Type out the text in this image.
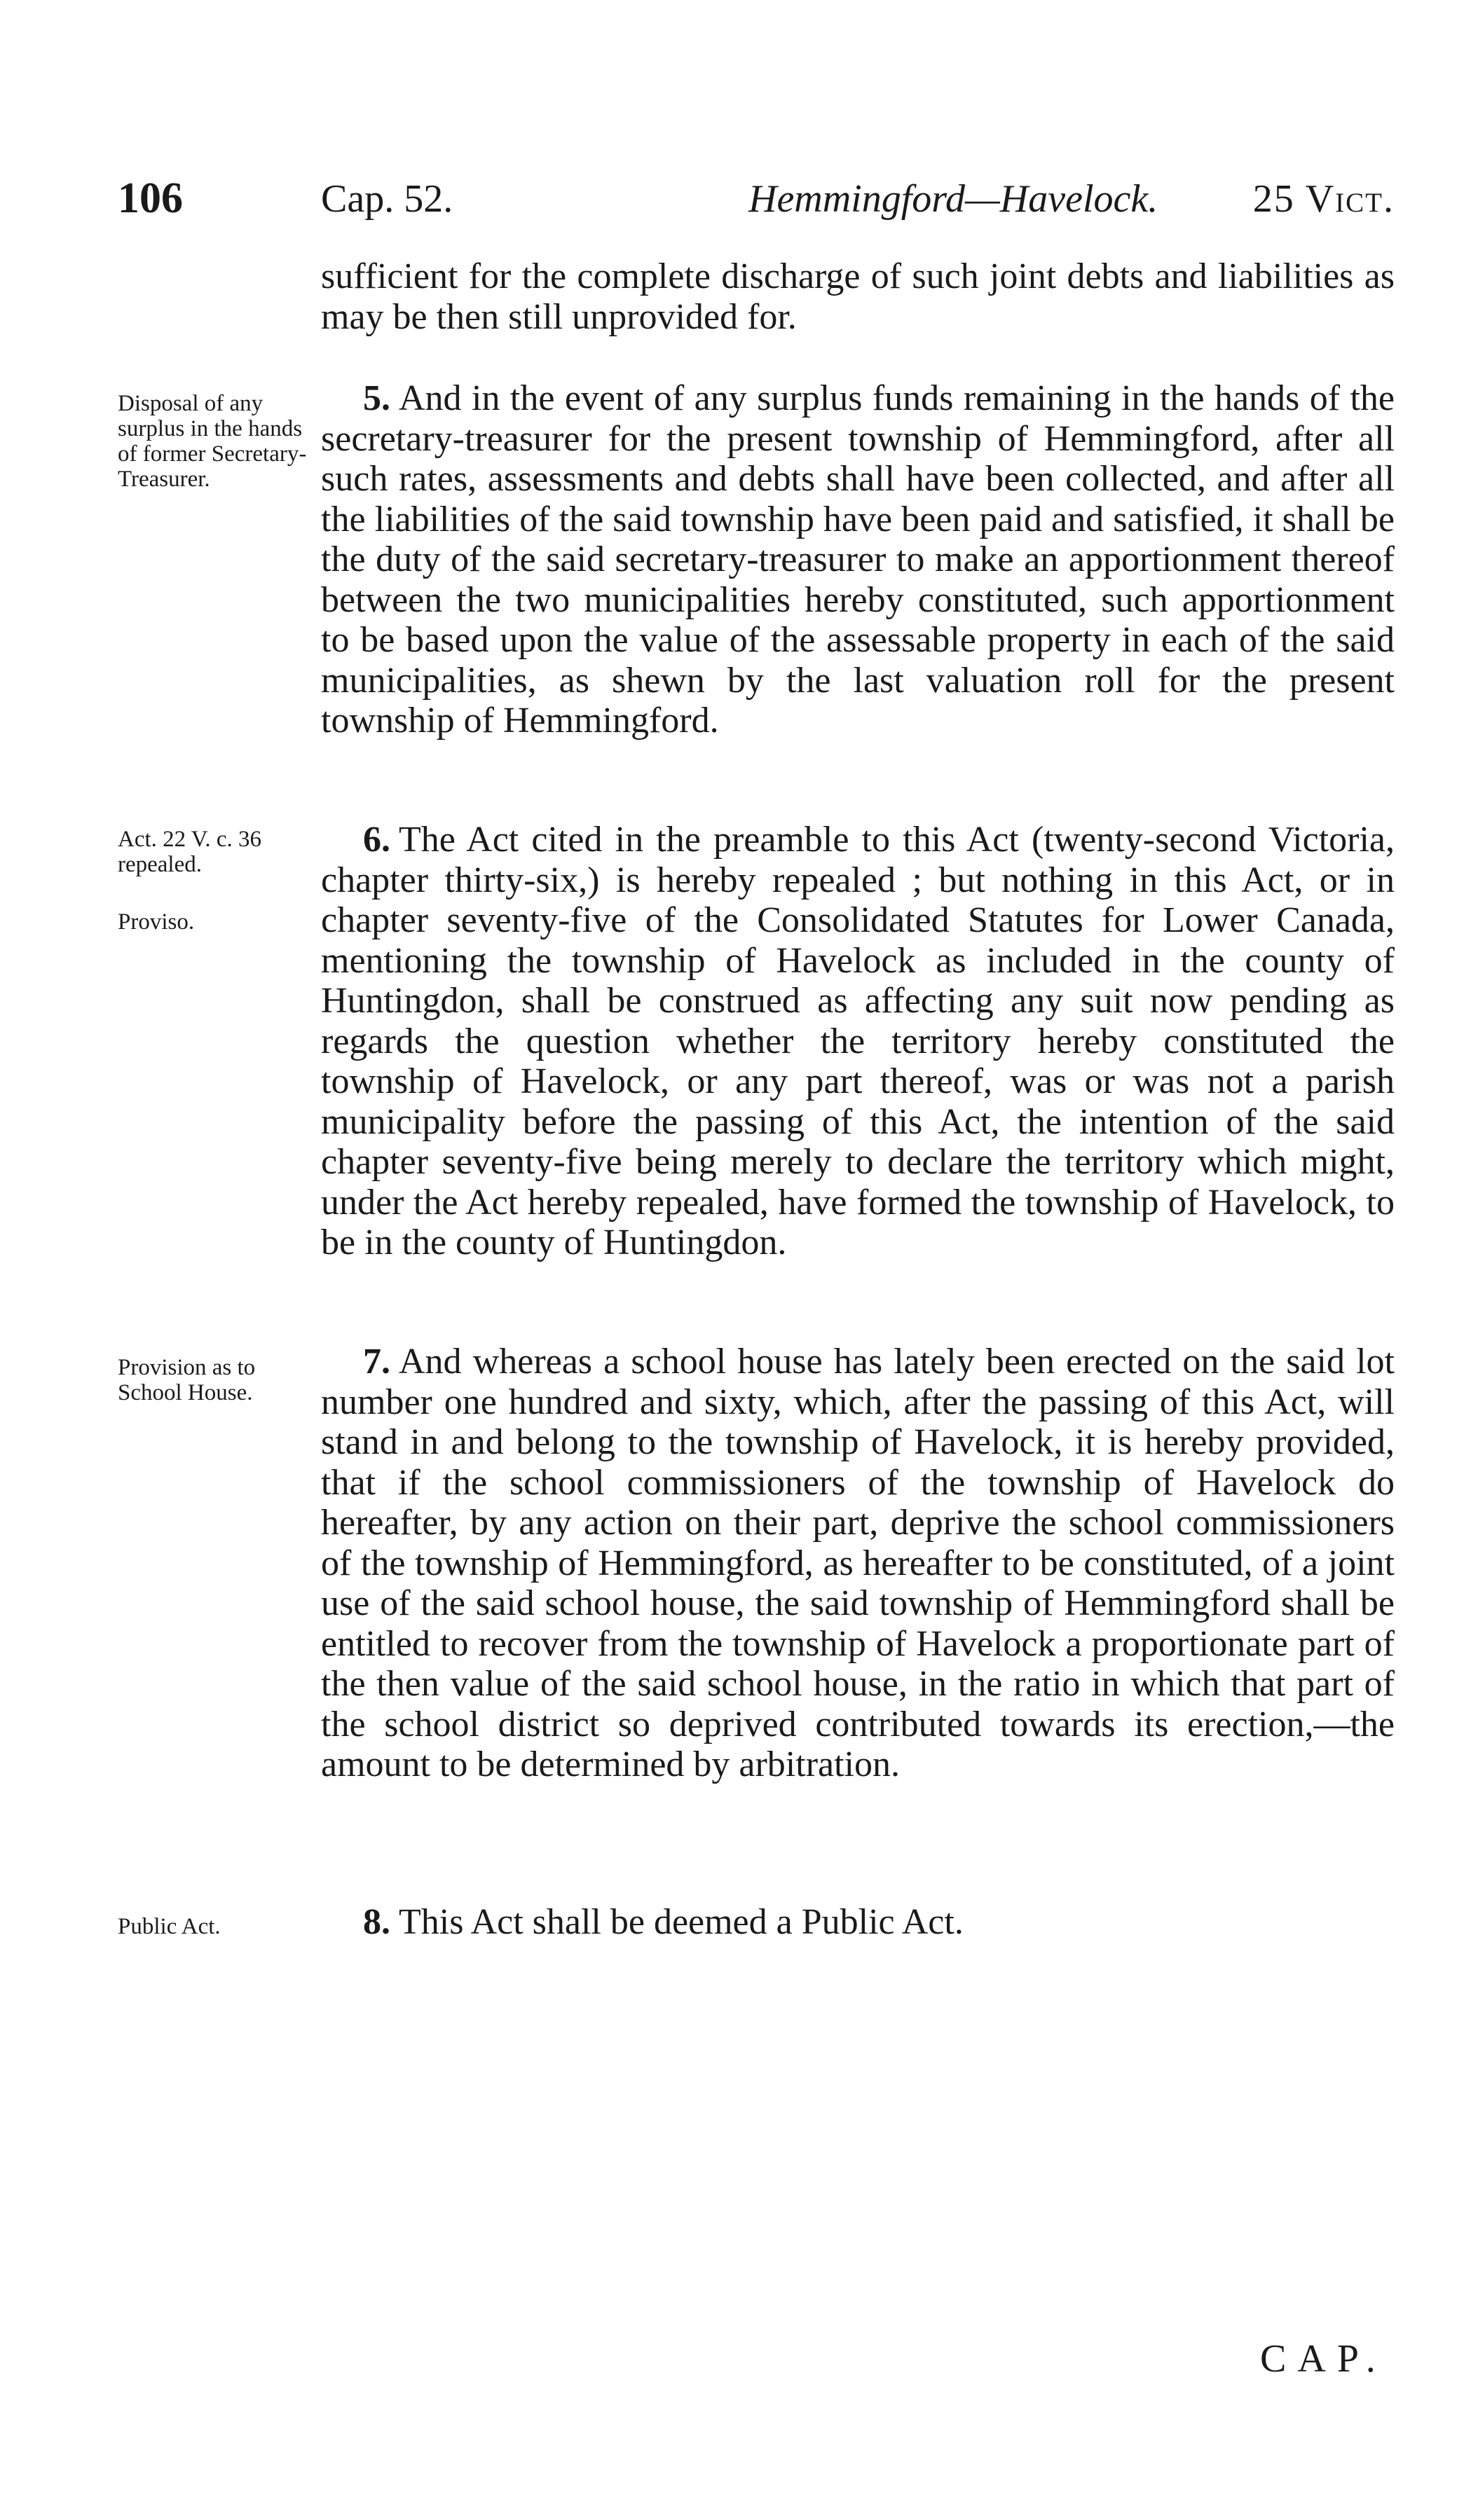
106	Cap. 52.	Hemmingford—Havelock. 25 Vict.

sufficient for the complete discharge of such joint debts and liabilities as may be then still unprovided for.

Disposal of any surplus in the hands of former Secretary-Treasurer.

5. And in the event of any surplus funds remaining in the hands of the secretary-treasurer for the present township of Hemmingford, after all such rates, assessments and debts shall have been collected, and after all the liabilities of the said township have been paid and satisfied, it shall be the duty of the said secretary-treasurer to make an apportionment thereof between the two municipalities hereby constituted, such apportionment to be based upon the value of the assessable property in each of the said municipalities, as shewn by the last valuation roll for the present township of Hemmingford.

Act. 22 V. c. 36 repealed.
Proviso.

6. The Act cited in the preamble to this Act (twenty-second Victoria, chapter thirty-six,) is hereby repealed ; but nothing in this Act, or in chapter seventy-five of the Consolidated Statutes for Lower Canada, mentioning the township of Havelock as included in the county of Huntingdon, shall be construed as affecting any suit now pending as regards the question whether the territory hereby constituted the township of Havelock, or any part thereof, was or was not a parish municipality before the passing of this Act, the intention of the said chapter seventy-five being merely to declare the territory which might, under the Act hereby repealed, have formed the township of Havelock, to be in the county of Huntingdon.

Provision as to School House.

7. And whereas a school house has lately been erected on the said lot number one hundred and sixty, which, after the passing of this Act, will stand in and belong to the township of Havelock, it is hereby provided, that if the school commissioners of the township of Havelock do hereafter, by any action on their part, deprive the school commissioners of the township of Hemmingford, as hereafter to be constituted, of a joint use of the said school house, the said township of Hemmingford shall be entitled to recover from the township of Havelock a proportionate part of the then value of the said school house, in the ratio in which that part of the school district so deprived contributed towards its erection,—the amount to be determined by arbitration.

Public Act.	8. This Act shall be deemed a Public Act.

CAP.
